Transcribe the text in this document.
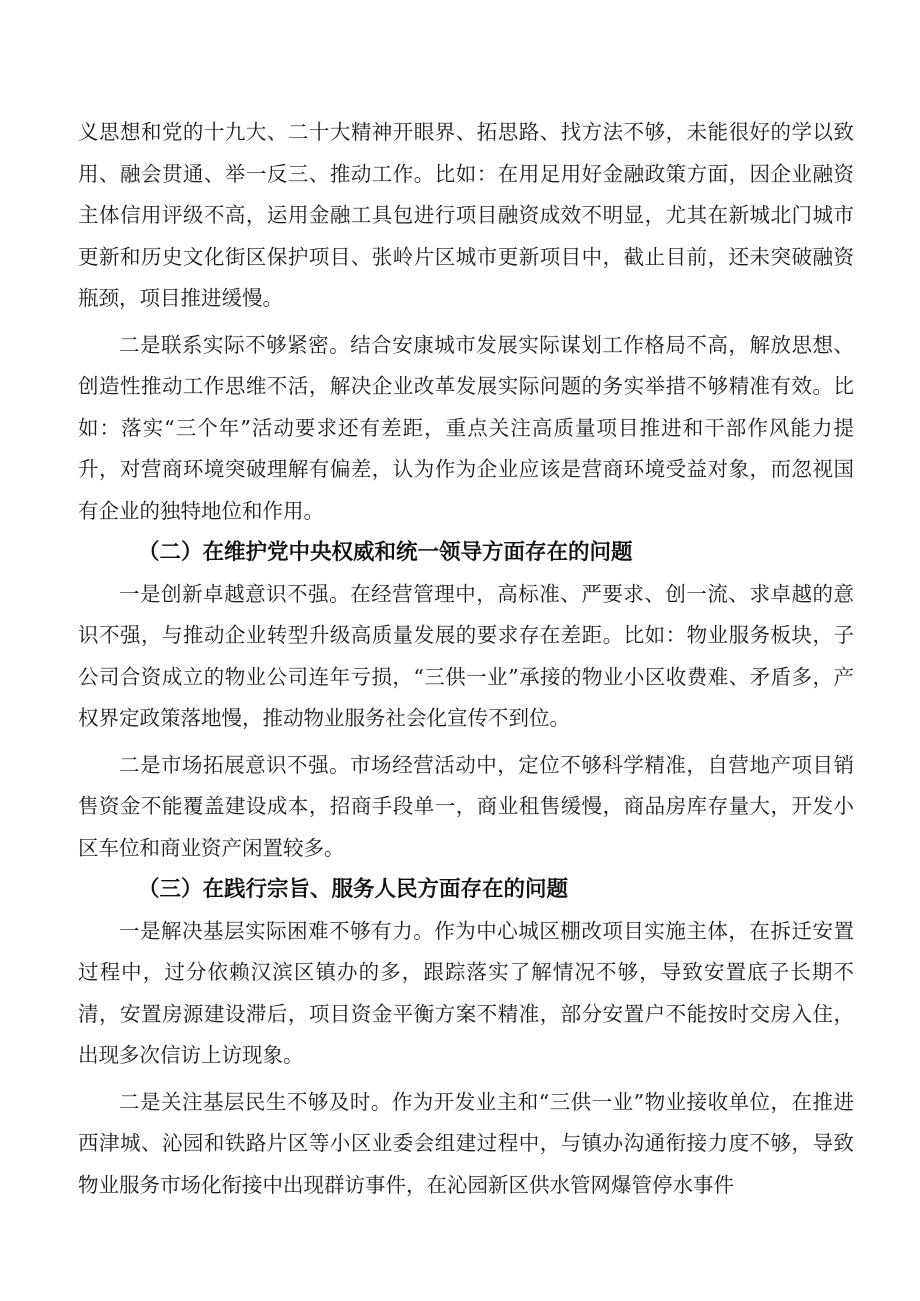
义思想和党的十九大、二十大精神开眼界、拓思路、找方法不够，未能很好的学以致用、融会贯通、举一反三、推动工作。比如：在用足用好金融政策方面，因企业融资主体信用评级不高，运用金融工具包进行项目融资成效不明显，尤其在新城北门城市更新和历史文化街区保护项目、张岭片区城市更新项目中，截止目前，还未突破融资瓶颈，项目推进缓慢。

二是联系实际不够紧密。结合安康城市发展实际谋划工作格局不高，解放思想、创造性推动工作思维不活，解决企业改革发展实际问题的务实举措不够精准有效。比如：落实“三个年”活动要求还有差距，重点关注高质量项目推进和干部作风能力提升，对营商环境突破理解有偏差，认为作为企业应该是营商环境受益对象，而忽视国有企业的独特地位和作用。

（二）在维护党中央权威和统一领导方面存在的问题

一是创新卓越意识不强。在经营管理中，高标准、严要求、创一流、求卓越的意识不强，与推动企业转型升级高质量发展的要求存在差距。比如：物业服务板块，子公司合资成立的物业公司连年亏损，“三供一业”承接的物业小区收费难、矛盾多，产权界定政策落地慢，推动物业服务社会化宣传不到位。

二是市场拓展意识不强。市场经营活动中，定位不够科学精准，自营地产项目销售资金不能覆盖建设成本，招商手段单一，商业租售缓慢，商品房库存量大，开发小区车位和商业资产闲置较多。

（三）在践行宗旨、服务人民方面存在的问题

一是解决基层实际困难不够有力。作为中心城区棚改项目实施主体，在拆迁安置过程中，过分依赖汉滨区镇办的多，跟踪落实了解情况不够，导致安置底子长期不清，安置房源建设滞后，项目资金平衡方案不精准，部分安置户不能按时交房入住，出现多次信访上访现象。

二是关注基层民生不够及时。作为开发业主和“三供一业”物业接收单位，在推进西津城、沁园和铁路片区等小区业委会组建过程中，与镇办沟通衔接力度不够，导致物业服务市场化衔接中出现群访事件，在沁园新区供水管网爆管停水事件
